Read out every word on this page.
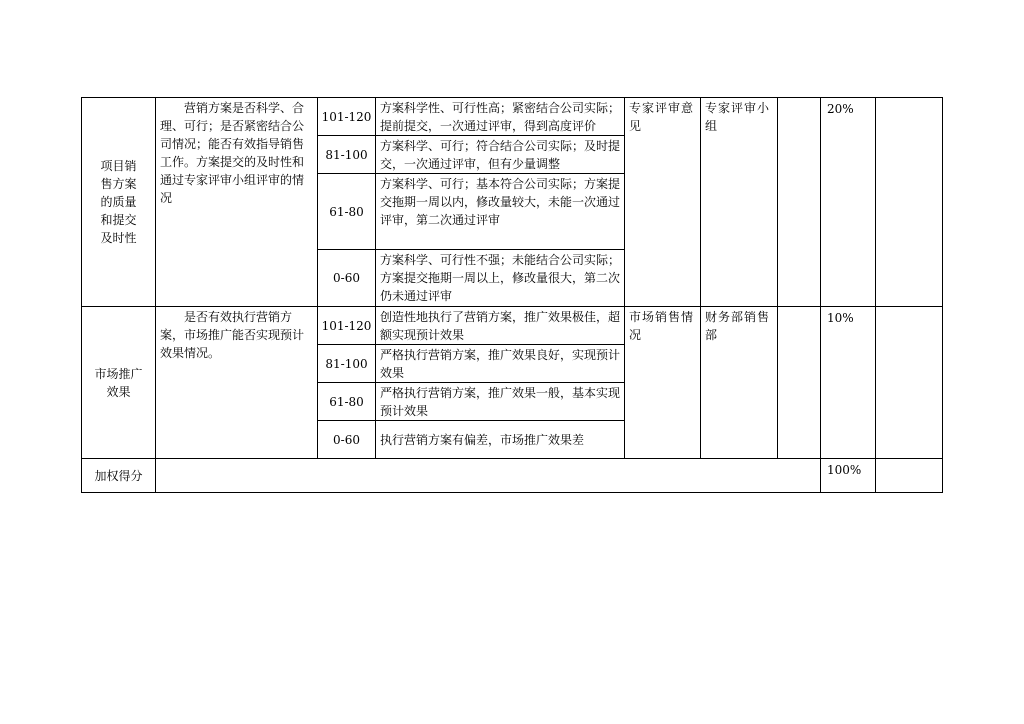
项目销售方案的质量和提交及时性	营销方案是否科学、合理、可行；是否紧密结合公司情况；能否有效指导销售工作。方案提交的及时性和通过专家评审小组评审的情况	101-120	方案科学性、可行性高；紧密结合公司实际；提前提交，一次通过评审，得到高度评价	专家评审意见	专家评审小组		20%	
		81-100	方案科学、可行；符合结合公司实际；及时提交，一次通过评审，但有少量调整					
		61-80	方案科学、可行；基本符合公司实际；方案提交拖期一周以内，修改量较大，未能一次通过评审，第二次通过评审					
		0-60	方案科学、可行性不强；未能结合公司实际；方案提交拖期一周以上，修改量很大，第二次仍未通过评审					

市场推广效果	是否有效执行营销方案，市场推广能否实现预计效果情况。	101-120	创造性地执行了营销方案，推广效果极佳，超额实现预计效果	市场销售情况	财务部销售部		10%	
		81-100	严格执行营销方案，推广效果良好，实现预计效果					
		61-80	严格执行营销方案，推广效果一般，基本实现预计效果					
		0-60	执行营销方案有偏差，市场推广效果差					
加权得分							100%	
